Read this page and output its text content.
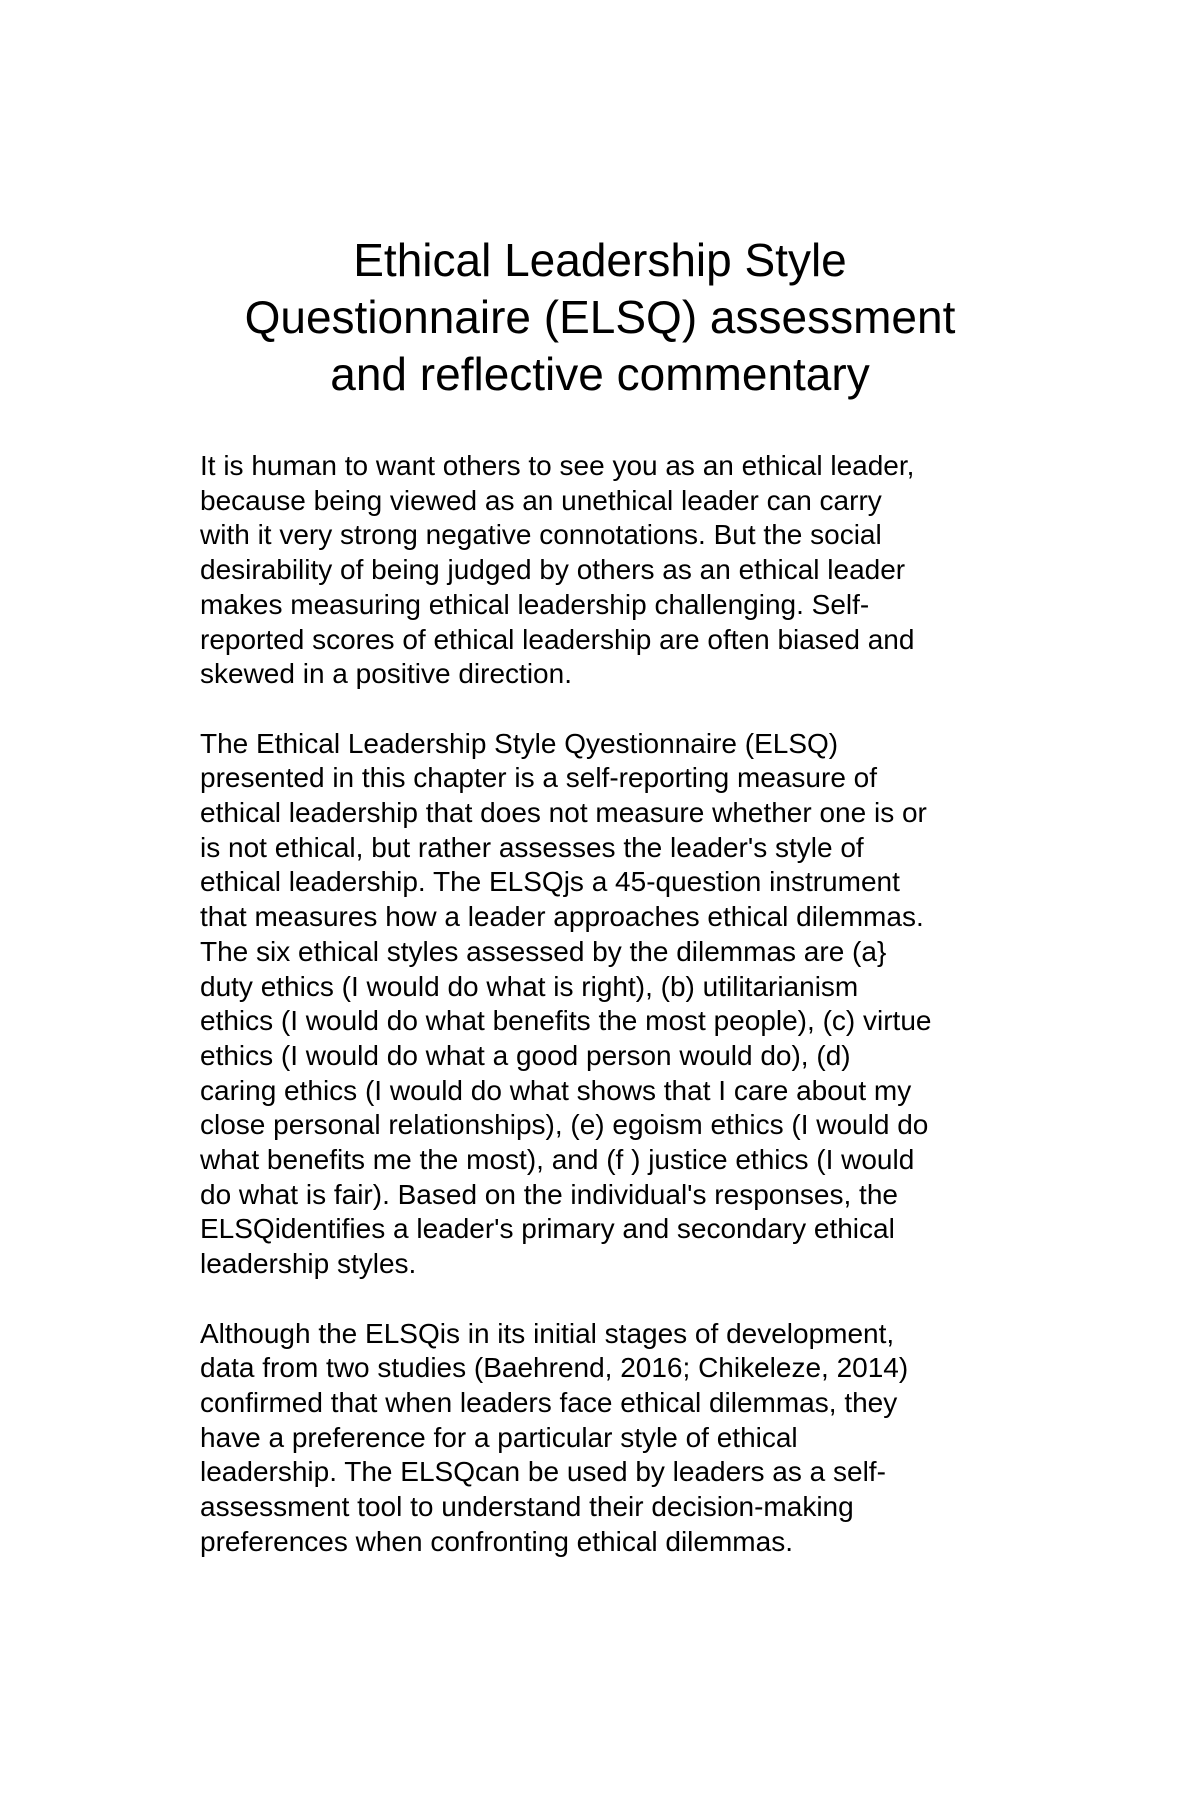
Ethical Leadership Style
Questionnaire (ELSQ) assessment
and reflective commentary

It is human to want others to see you as an ethical leader,
because being viewed as an unethical leader can carry
with it very strong negative connotations. But the social
desirability of being judged by others as an ethical leader
makes measuring ethical leadership challenging. Self-
reported scores of ethical leadership are often biased and
skewed in a positive direction.

The Ethical Leadership Style Qyestionnaire (ELSQ)
presented in this chapter is a self-reporting measure of
ethical leadership that does not measure whether one is or
is not ethical, but rather assesses the leader's style of
ethical leadership. The ELSQjs a 45-question instrument
that measures how a leader approaches ethical dilemmas.
The six ethical styles assessed by the dilemmas are (a}
duty ethics (I would do what is right), (b) utilitarianism
ethics (I would do what benefits the most people), (c) virtue
ethics (I would do what a good person would do), (d)
caring ethics (I would do what shows that I care about my
close personal relationships), (e) egoism ethics (I would do
what benefits me the most), and (f ) justice ethics (I would
do what is fair). Based on the individual's responses, the
ELSQidentifies a leader's primary and secondary ethical
leadership styles.

Although the ELSQis in its initial stages of development,
data from two studies (Baehrend, 2016; Chikeleze, 2014)
confirmed that when leaders face ethical dilemmas, they
have a preference for a particular style of ethical
leadership. The ELSQcan be used by leaders as a self-
assessment tool to understand their decision-making
preferences when confronting ethical dilemmas.
